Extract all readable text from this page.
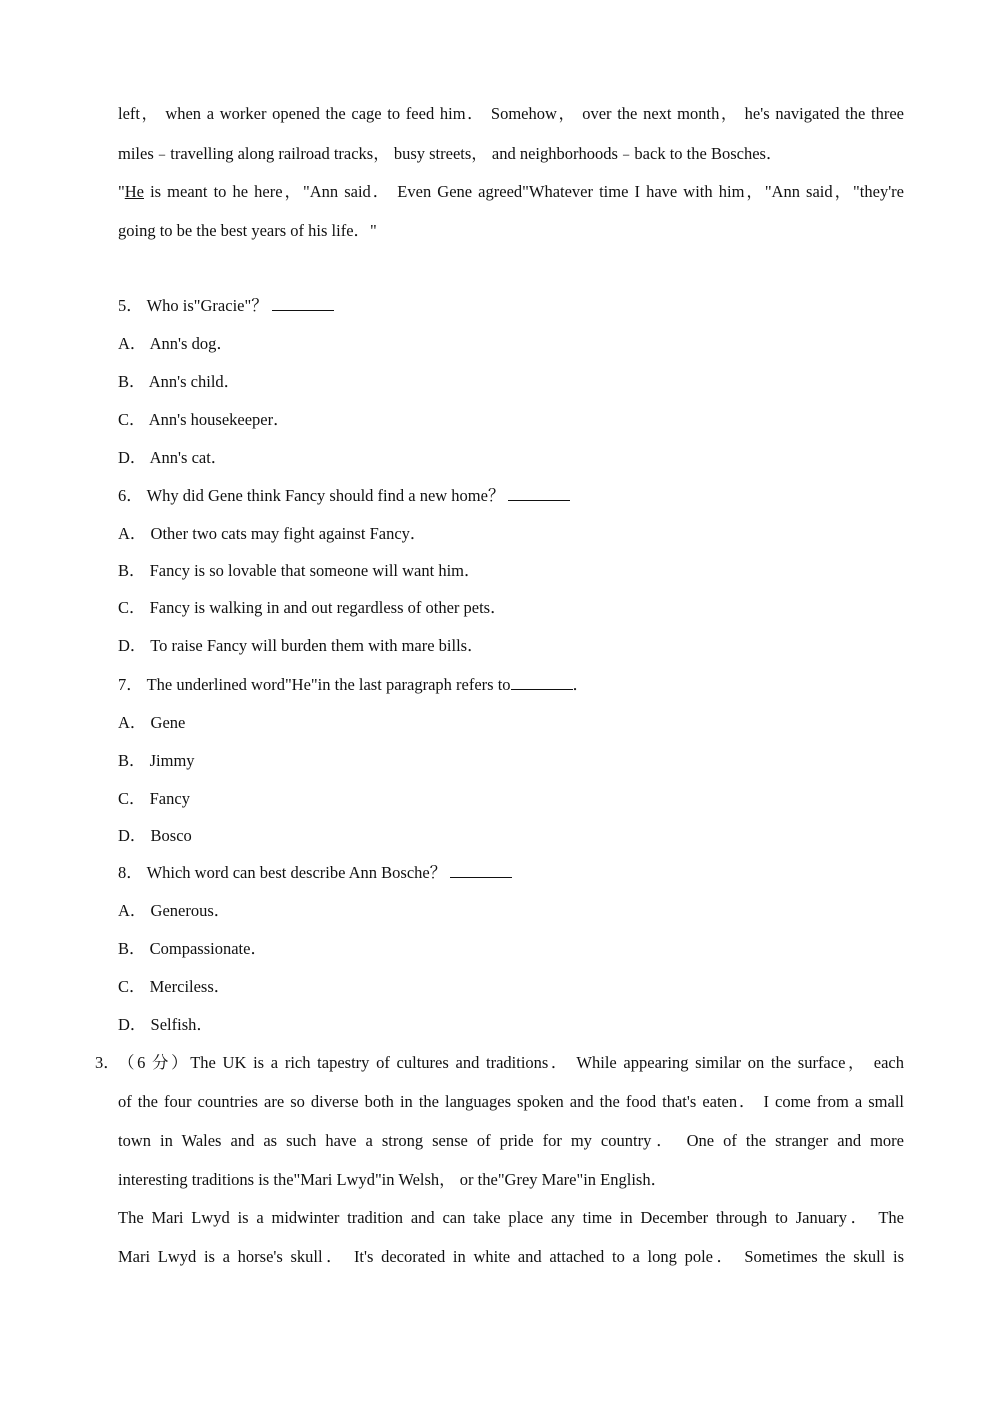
left， when a worker opened the cage to feed him． Somehow， over the next month， he's navigated the three
miles﹣travelling along railroad tracks， busy streets， and neighborhoods﹣back to the Bosches．
"He is meant to he here，"Ann said． Even Gene agreed"Whatever time I have with him，"Ann said，"they're
going to be the best years of his life．"
5． Who is"Gracie"？
A． Ann's dog．
B． Ann's child．
C． Ann's housekeeper．
D． Ann's cat．
6． Why did Gene think Fancy should find a new home？
A． Other two cats may fight against Fancy．
B． Fancy is so lovable that someone will want him．
C． Fancy is walking in and out regardless of other pets．
D． To raise Fancy will burden them with mare bills．
7． The underlined word"He"in the last paragraph refers to	．
A． Gene
B． Jimmy
C． Fancy
D． Bosco
8． Which word can best describe Ann Bosche？
A． Generous．
B． Compassionate．
C． Merciless．
D． Selfish．
3．
（6 分）The UK is a rich tapestry of cultures and traditions． While appearing similar on the surface， each
of the four countries are so diverse both in the languages spoken and the food that's eaten． I come from a small
town in Wales and as such have a strong sense of pride for my country． One of the stranger and more
interesting traditions is the"Mari Lwyd"in Welsh， or the"Grey Mare"in English．
The Mari Lwyd is a midwinter tradition and can take place any time in December through to January． The
Mari Lwyd is a horse's skull． It's decorated in white and attached to a long pole． Sometimes the skull is
